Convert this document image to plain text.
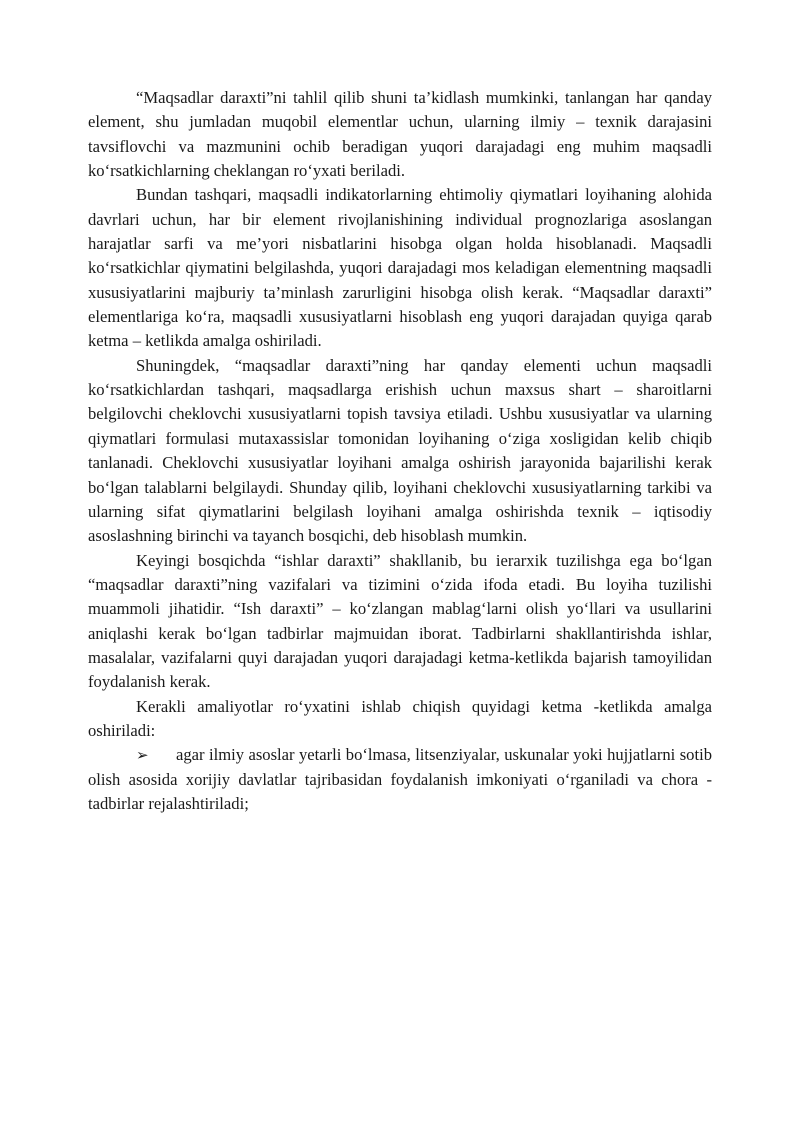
“Maqsadlar daraxti”ni tahlil qilib shuni ta’kidlash mumkinki, tanlangan har qanday element, shu jumladan muqobil elementlar uchun, ularning ilmiy – texnik darajasini tavsiflovchi va mazmunini ochib beradigan yuqori darajadagi eng muhim maqsadli ko‘rsatkichlarning cheklangan ro‘yxati beriladi.

Bundan tashqari, maqsadli indikatorlarning ehtimoliy qiymatlari loyihaning alohida davrlari uchun, har bir element rivojlanishining individual prognozlariga asoslangan harajatlar sarfi va me’yori nisbatlarini hisobga olgan holda hisoblanadi. Maqsadli ko‘rsatkichlar qiymatini belgilashda, yuqori darajadagi mos keladigan elementning maqsadli xususiyatlarini majburiy ta’minlash zarurligini hisobga olish kerak. “Maqsadlar daraxti” elementlariga ko‘ra, maqsadli xususiyatlarni hisoblash eng yuqori darajadan quyiga qarab ketma – ketlikda amalga oshiriladi.

Shuningdek, “maqsadlar daraxti”ning har qanday elementi uchun maqsadli ko‘rsatkichlardan tashqari, maqsadlarga erishish uchun maxsus shart – sharoitlarni belgilovchi cheklovchi xususiyatlarni topish tavsiya etiladi. Ushbu xususiyatlar va ularning qiymatlari formulasi mutaxassislar tomonidan loyihaning o‘ziga xosligidan kelib chiqib tanlanadi. Cheklovchi xususiyatlar loyihani amalga oshirish jarayonida bajarilishi kerak bo‘lgan talablarni belgilaydi. Shunday qilib, loyihani cheklovchi xususiyatlarning tarkibi va ularning sifat qiymatlarini belgilash loyihani amalga oshirishda texnik – iqtisodiy asoslashning birinchi va tayanch bosqichi, deb hisoblash mumkin.

Keyingi bosqichda “ishlar daraxti” shakllanib, bu ierarxik tuzilishga ega bo‘lgan “maqsadlar daraxti”ning vazifalari va tizimini o‘zida ifoda etadi. Bu loyiha tuzilishi muammoli jihatidir. “Ish daraxti” – ko‘zlangan mablag‘larni olish yo‘llari va usullarini aniqlashi kerak bo‘lgan tadbirlar majmuidan iborat. Tadbirlarni shakllantirishda ishlar, masalalar, vazifalarni quyi darajadan yuqori darajadagi ketma-ketlikda bajarish tamoyilidan foydalanish kerak.

Kerakli amaliyotlar ro‘yxatini ishlab chiqish quyidagi ketma -ketlikda amalga oshiriladi:

➢ agar ilmiy asoslar yetarli bo‘lmasa, litsenziyalar, uskunalar yoki hujjatlarni sotib olish asosida xorijiy davlatlar tajribasidan foydalanish imkoniyati o‘rganiladi va chora -tadbirlar rejalashtiriladi;
